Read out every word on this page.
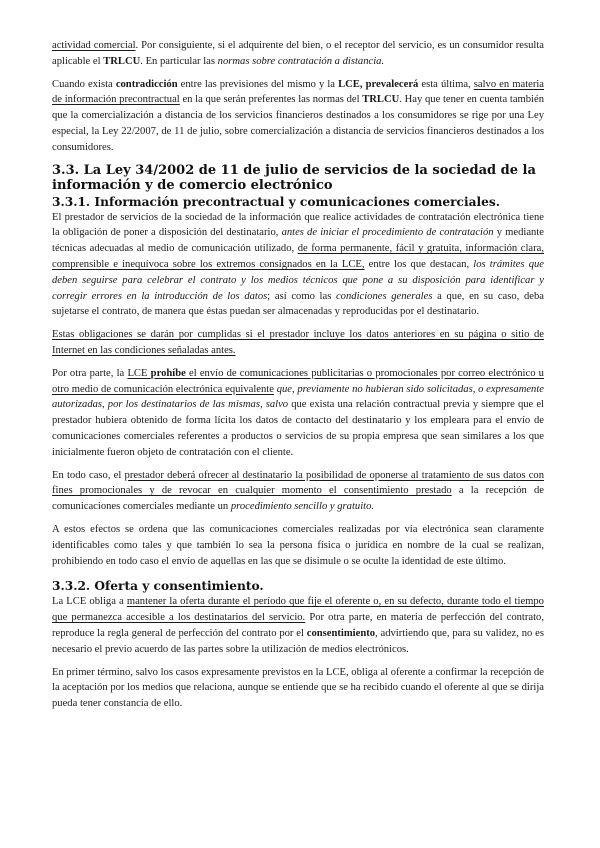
actividad comercial. Por consiguiente, si el adquirente del bien, o el receptor del servicio, es un consumidor resulta aplicable el TRLCU. En particular las normas sobre contratación a distancia.

Cuando exista contradicción entre las previsiones del mismo y la LCE, prevalecerá esta última, salvo en materia de información precontractual en la que serán preferentes las normas del TRLCU. Hay que tener en cuenta también que la comercialización a distancia de los servicios financieros destinados a los consumidores se rige por una Ley especial, la Ley 22/2007, de 11 de julio, sobre comercialización a distancia de servicios financieros destinados a los consumidores.

3.3. La Ley 34/2002 de 11 de julio de servicios de la sociedad de la información y de comercio electrónico
3.3.1. Información precontractual y comunicaciones comerciales.

El prestador de servicios de la sociedad de la información que realice actividades de contratación electrónica tiene la obligación de poner a disposición del destinatario, antes de iniciar el procedimiento de contratación y mediante técnicas adecuadas al medio de comunicación utilizado, de forma permanente, fácil y gratuita, información clara, comprensible e inequívoca sobre los extremos consignados en la LCE, entre los que destacan, los trámites que deben seguirse para celebrar el contrato y los medios técnicos que pone a su disposición para identificar y corregir errores en la introducción de los datos; así como las condiciones generales a que, en su caso, deba sujetarse el contrato, de manera que éstas puedan ser almacenadas y reproducidas por el destinatario.

Estas obligaciones se darán por cumplidas si el prestador incluye los datos anteriores en su página o sitio de Internet en las condiciones señaladas antes.

Por otra parte, la LCE prohíbe el envío de comunicaciones publicitarias o promocionales por correo electrónico u otro medio de comunicación electrónica equivalente que, previamente no hubieran sido solicitadas, o expresamente autorizadas, por los destinatarios de las mismas, salvo que exista una relación contractual previa y siempre que el prestador hubiera obtenido de forma lícita los datos de contacto del destinatario y los empleara para el envío de comunicaciones comerciales referentes a productos o servicios de su propia empresa que sean similares a los que inicialmente fueron objeto de contratación con el cliente.

En todo caso, el prestador deberá ofrecer al destinatario la posibilidad de oponerse al tratamiento de sus datos con fines promocionales y de revocar en cualquier momento el consentimiento prestado a la recepción de comunicaciones comerciales mediante un procedimiento sencillo y gratuito.

A estos efectos se ordena que las comunicaciones comerciales realizadas por vía electrónica sean claramente identificables como tales y que también lo sea la persona física o jurídica en nombre de la cual se realizan, prohibiendo en todo caso el envío de aquellas en las que se disimule o se oculte la identidad de este último.

3.3.2. Oferta y consentimiento.

La LCE obliga a mantener la oferta durante el período que fije el oferente o, en su defecto, durante todo el tiempo que permanezca accesible a los destinatarios del servicio. Por otra parte, en materia de perfección del contrato, reproduce la regla general de perfección del contrato por el consentimiento, advirtiendo que, para su validez, no es necesario el previo acuerdo de las partes sobre la utilización de medios electrónicos.

En primer término, salvo los casos expresamente previstos en la LCE, obliga al oferente a confirmar la recepción de la aceptación por los medios que relaciona, aunque se entiende que se ha recibido cuando el oferente al que se dirija pueda tener constancia de ello.
